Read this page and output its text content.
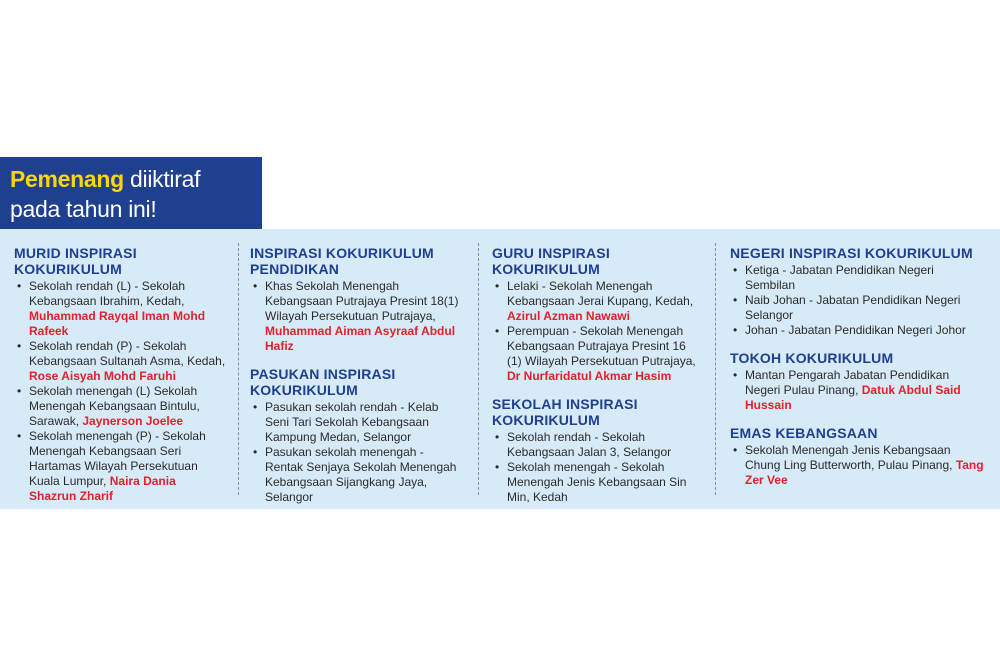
Pemenang diiktiraf
pada tahun ini!
MURID INSPIRASI KOKURIKULUM
• Sekolah rendah (L) - Sekolah Kebangsaan Ibrahim, Kedah, Muhammad Rayqal Iman Mohd Rafeek
• Sekolah rendah (P) - Sekolah Kebangsaan Sultanah Asma, Kedah, Rose Aisyah Mohd Faruhi
• Sekolah menengah (L) Sekolah Menengah Kebangsaan Bintulu, Sarawak, Jaynerson Joelee
• Sekolah menengah (P) - Sekolah Menengah Kebangsaan Seri Hartamas Wilayah Persekutuan Kuala Lumpur, Naira Dania Shazrun Zharif
INSPIRASI KOKURIKULUM PENDIDIKAN
• Khas Sekolah Menengah Kebangsaan Putrajaya Presint 18(1) Wilayah Persekutuan Putrajaya, Muhammad Aiman Asyraaf Abdul Hafiz
PASUKAN INSPIRASI KOKURIKULUM
• Pasukan sekolah rendah - Kelab Seni Tari Sekolah Kebangsaan Kampung Medan, Selangor
• Pasukan sekolah menengah - Rentak Senjaya Sekolah Menengah Kebangsaan Sijangkang Jaya, Selangor
GURU INSPIRASI KOKURIKULUM
• Lelaki - Sekolah Menengah Kebangsaan Jerai Kupang, Kedah, Azirul Azman Nawawi
• Perempuan - Sekolah Menengah Kebangsaan Putrajaya Presint 16 (1) Wilayah Persekutuan Putrajaya, Dr Nurfaridatul Akmar Hasim
SEKOLAH INSPIRASI KOKURIKULUM
• Sekolah rendah - Sekolah Kebangsaan Jalan 3, Selangor
• Sekolah menengah - Sekolah Menengah Jenis Kebangsaan Sin Min, Kedah
NEGERI INSPIRASI KOKURIKULUM
• Ketiga - Jabatan Pendidikan Negeri Sembilan
• Naib Johan - Jabatan Pendidikan Negeri Selangor
• Johan - Jabatan Pendidikan Negeri Johor
TOKOH KOKURIKULUM
• Mantan Pengarah Jabatan Pendidikan Negeri Pulau Pinang, Datuk Abdul Said Hussain
EMAS KEBANGSAAN
• Sekolah Menengah Jenis Kebangsaan Chung Ling Butterworth, Pulau Pinang, Tang Zer Vee
